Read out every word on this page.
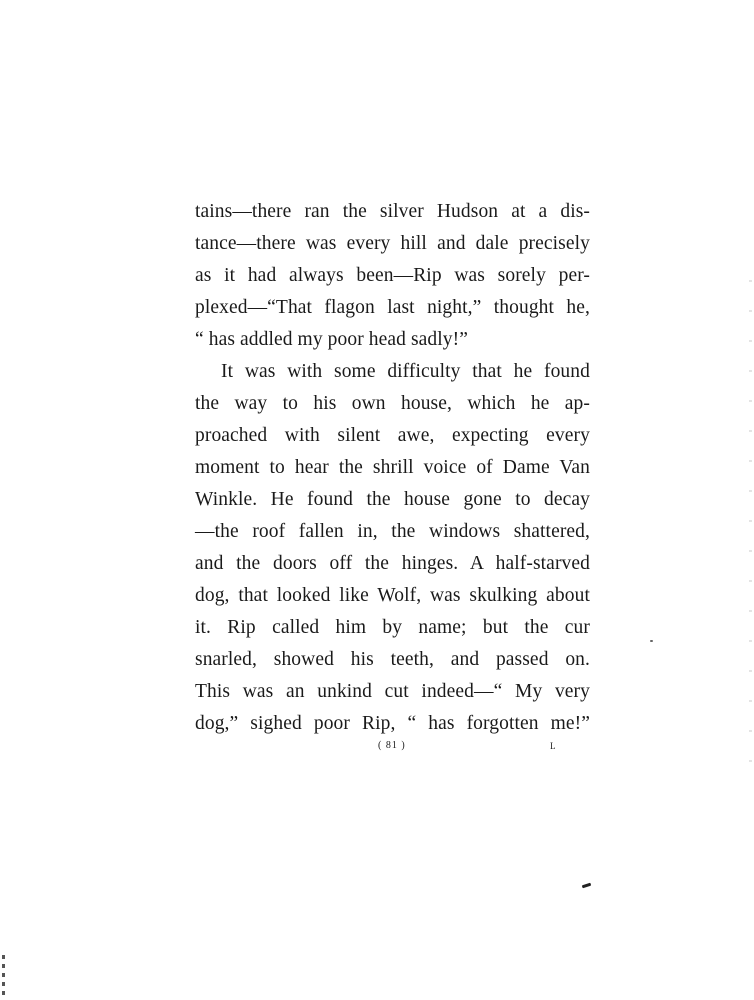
tains—there ran the silver Hudson at a dis-
tance—there was every hill and dale precisely
as it had always been—Rip was sorely per-
plexed—“That flagon last night,” thought he,
“ has addled my poor head sadly!”
It was with some difficulty that he found
the way to his own house, which he ap-
proached with silent awe, expecting every
moment to hear the shrill voice of Dame Van
Winkle. He found the house gone to decay
—the roof fallen in, the windows shattered,
and the doors off the hinges. A half-starved
dog, that looked like Wolf, was skulking about
it. Rip called him by name; but the cur
snarled, showed his teeth, and passed on.
This was an unkind cut indeed—“ My very
dog,” sighed poor Rip, “ has forgotten me!”
( 81 )	L
